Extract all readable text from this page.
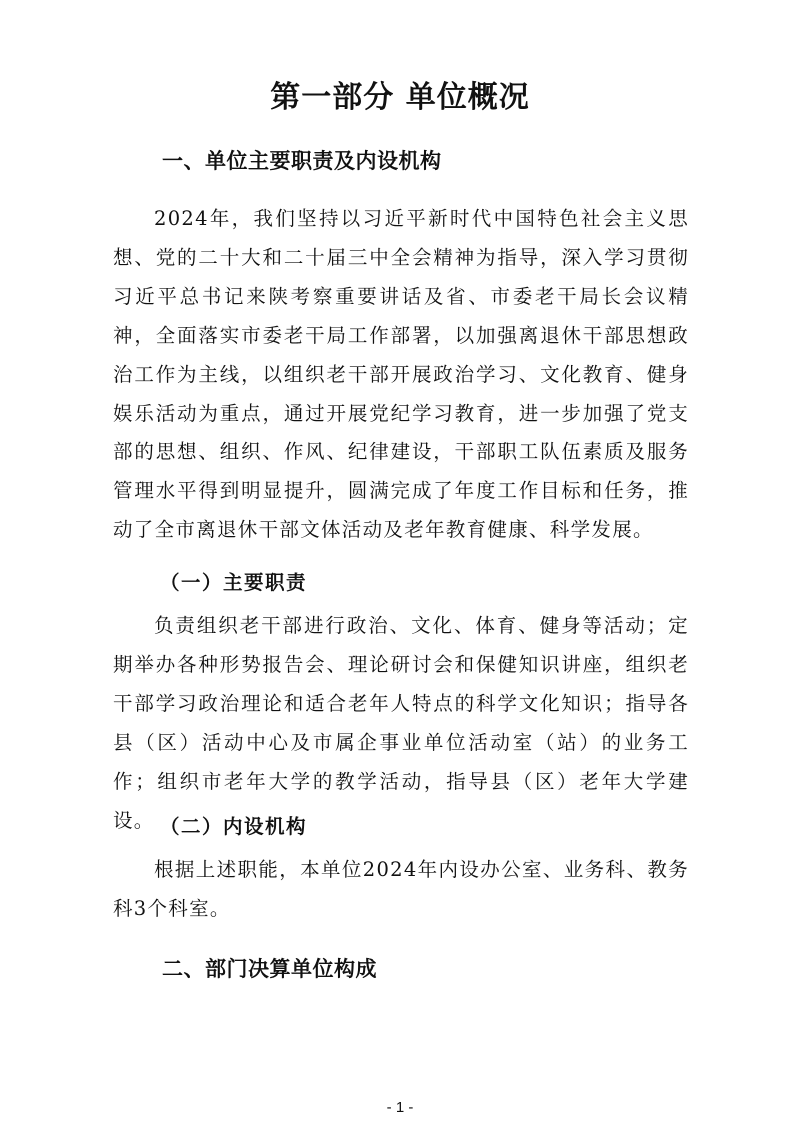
第一部分 单位概况
一、单位主要职责及内设机构

2024年，我们坚持以习近平新时代中国特色社会主义思想、党的二十大和二十届三中全会精神为指导，深入学习贯彻习近平总书记来陕考察重要讲话及省、市委老干局长会议精神，全面落实市委老干局工作部署，以加强离退休干部思想政治工作为主线，以组织老干部开展政治学习、文化教育、健身娱乐活动为重点，通过开展党纪学习教育，进一步加强了党支部的思想、组织、作风、纪律建设，干部职工队伍素质及服务管理水平得到明显提升，圆满完成了年度工作目标和任务，推动了全市离退休干部文体活动及老年教育健康、科学发展。

（一）主要职责

负责组织老干部进行政治、文化、体育、健身等活动；定期举办各种形势报告会、理论研讨会和保健知识讲座，组织老干部学习政治理论和适合老年人特点的科学文化知识；指导各县（区）活动中心及市属企事业单位活动室（站）的业务工作；组织市老年大学的教学活动，指导县（区）老年大学建设。 （二）内设机构

根据上述职能，本单位2024年内设办公室、业务科、教务科3个科室。

二、部门决算单位构成
- 1 -
